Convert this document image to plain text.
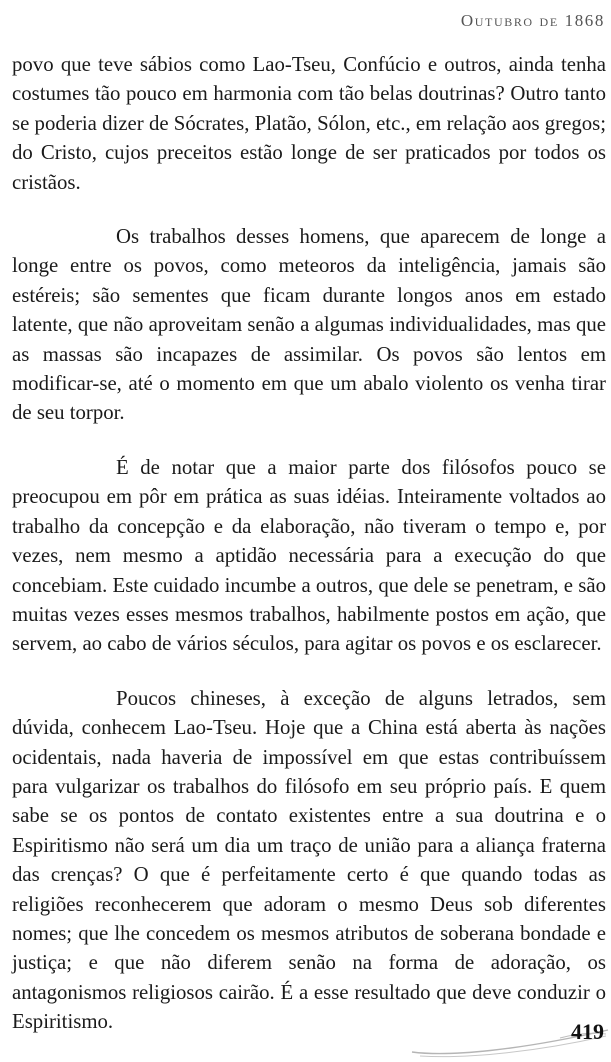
Outubro de 1868

povo que teve sábios como Lao-Tseu, Confúcio e outros, ainda tenha costumes tão pouco em harmonia com tão belas doutrinas? Outro tanto se poderia dizer de Sócrates, Platão, Sólon, etc., em relação aos gregos; do Cristo, cujos preceitos estão longe de ser praticados por todos os cristãos.

Os trabalhos desses homens, que aparecem de longe a longe entre os povos, como meteoros da inteligência, jamais são estéreis; são sementes que ficam durante longos anos em estado latente, que não aproveitam senão a algumas individualidades, mas que as massas são incapazes de assimilar. Os povos são lentos em modificar-se, até o momento em que um abalo violento os venha tirar de seu torpor.

É de notar que a maior parte dos filósofos pouco se preocupou em pôr em prática as suas idéias. Inteiramente voltados ao trabalho da concepção e da elaboração, não tiveram o tempo e, por vezes, nem mesmo a aptidão necessária para a execução do que concebiam. Este cuidado incumbe a outros, que dele se penetram, e são muitas vezes esses mesmos trabalhos, habilmente postos em ação, que servem, ao cabo de vários séculos, para agitar os povos e os esclarecer.

Poucos chineses, à exceção de alguns letrados, sem dúvida, conhecem Lao-Tseu. Hoje que a China está aberta às nações ocidentais, nada haveria de impossível em que estas contribuíssem para vulgarizar os trabalhos do filósofo em seu próprio país. E quem sabe se os pontos de contato existentes entre a sua doutrina e o Espiritismo não será um dia um traço de união para a aliança fraterna das crenças? O que é perfeitamente certo é que quando todas as religiões reconhecerem que adoram o mesmo Deus sob diferentes nomes; que lhe concedem os mesmos atributos de soberana bondade e justiça; e que não diferem senão na forma de adoração, os antagonismos religiosos cairão. É a esse resultado que deve conduzir o Espiritismo.	419
